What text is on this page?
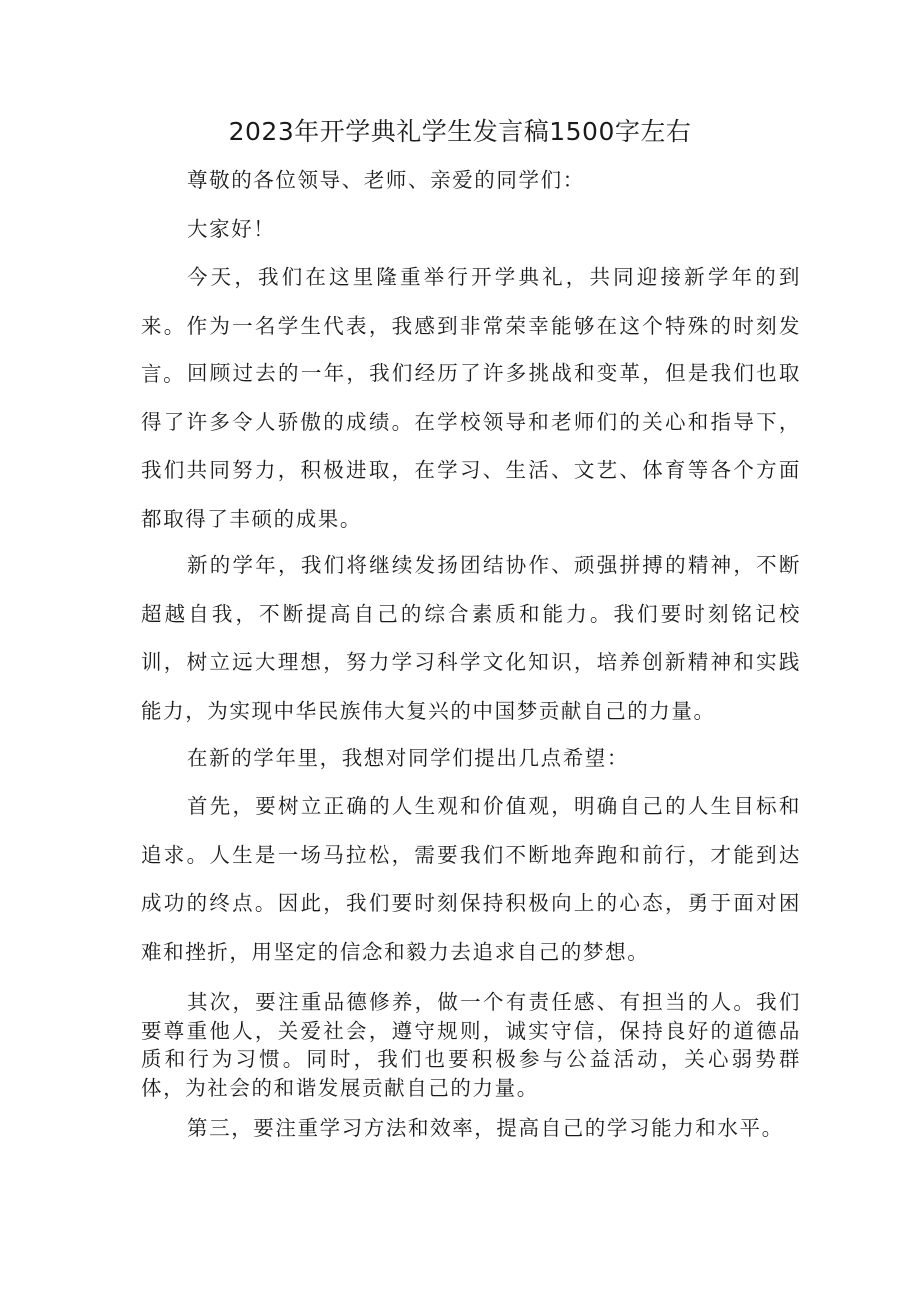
2023年开学典礼学生发言稿1500字左右

尊敬的各位领导、老师、亲爱的同学们：

大家好！

今天，我们在这里隆重举行开学典礼，共同迎接新学年的到来。作为一名学生代表，我感到非常荣幸能够在这个特殊的时刻发言。 回顾过去的一年，我们经历了许多挑战和变革，但是我们也取得了许多令人骄傲的成绩。在学校领导和老师们的关心和指导下，我们共同努力，积极进取，在学习、生活、文艺、体育等各个方面都取得了丰硕的成果。

新的学年，我们将继续发扬团结协作、顽强拼搏的精神，不断超越自我，不断提高自己的综合素质和能力。我们要时刻铭记校训，树立远大理想，努力学习科学文化知识，培养创新精神和实践能力，为实现中华民族伟大复兴的中国梦贡献自己的力量。

在新的学年里，我想对同学们提出几点希望：

首先，要树立正确的人生观和价值观，明确自己的人生目标和追求。人生是一场马拉松，需要我们不断地奔跑和前行，才能到达成功的终点。因此，我们要时刻保持积极向上的心态，勇于面对困难和挫折，用坚定的信念和毅力去追求自己的梦想。

其次，要注重品德修养，做一个有责任感、有担当的人。我们要尊重他人，关爱社会，遵守规则，诚实守信，保持良好的道德品质和行为习惯。同时，我们也要积极参与公益活动，关心弱势群体，为社会的和谐发展贡献自己的力量。

第三，要注重学习方法和效率，提高自己的学习能力和水平。
